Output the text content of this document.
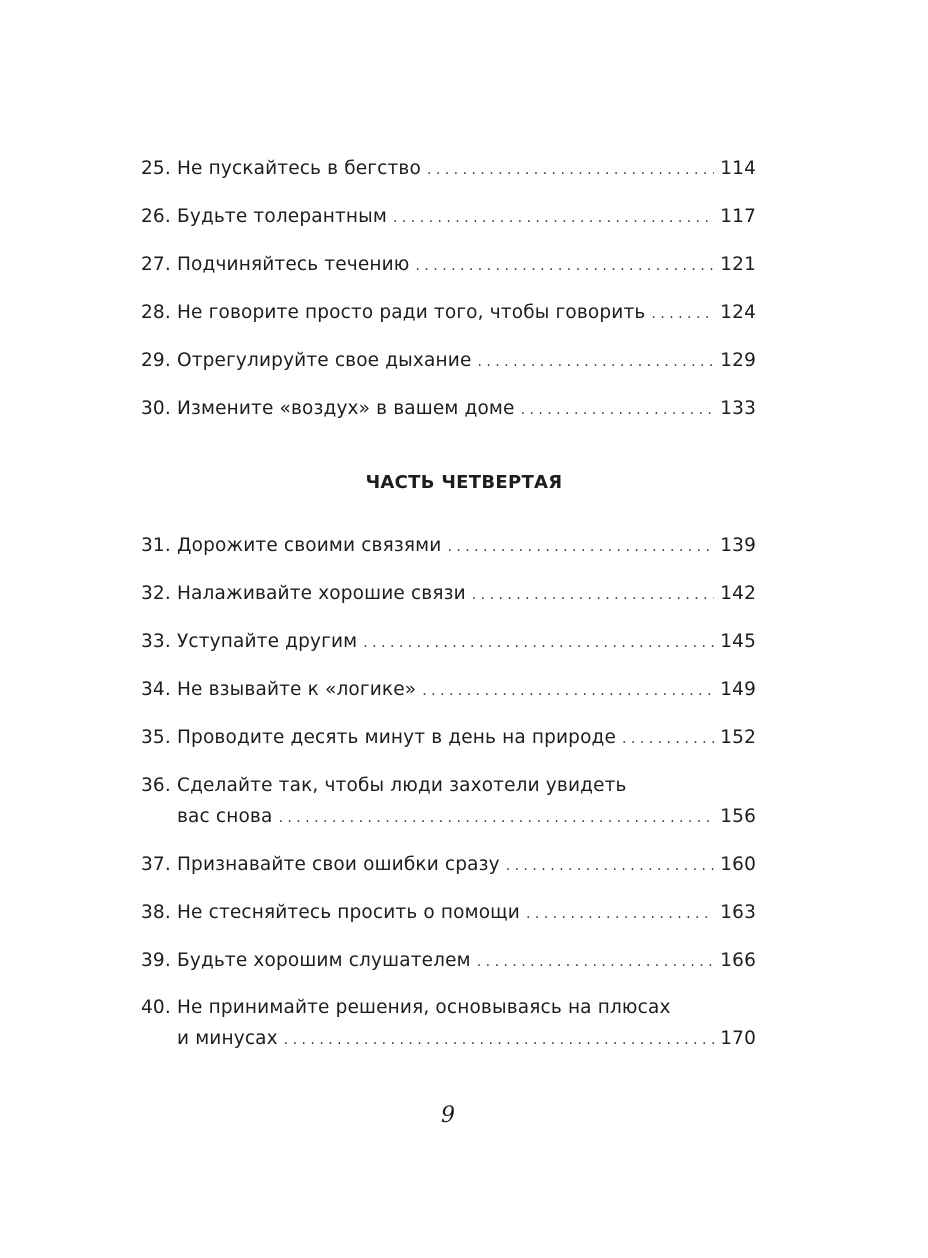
25. Не пускайтесь в бегство . . .	114
26. Будьте толерантным . . .	117
27. Подчиняйтесь течению . . .	121
28. Не говорите просто ради того, чтобы говорить . . .	124
29. Отрегулируйте свое дыхание . . .	129
30. Измените «воздух» в вашем доме . . .	133
31. Дорожите своими связями . . .	139
32. Налаживайте хорошие связи . . .	142
33. Уступайте другим . . .	145
34. Не взывайте к «логике» . . .	149
35. Проводите десять минут в день на природе . . .	152
36. Сделайте так, чтобы люди захотели увидеть
вас снова . . .	156
37. Признавайте свои ошибки сразу . . .	160
38. Не стесняйтесь просить о помощи . . .	163
39. Будьте хорошим слушателем . . .	166
40. Не принимайте решения, основываясь на плюсах
и минусах . . .	170
ЧАСТЬ ЧЕТВЕРТАЯ
9
